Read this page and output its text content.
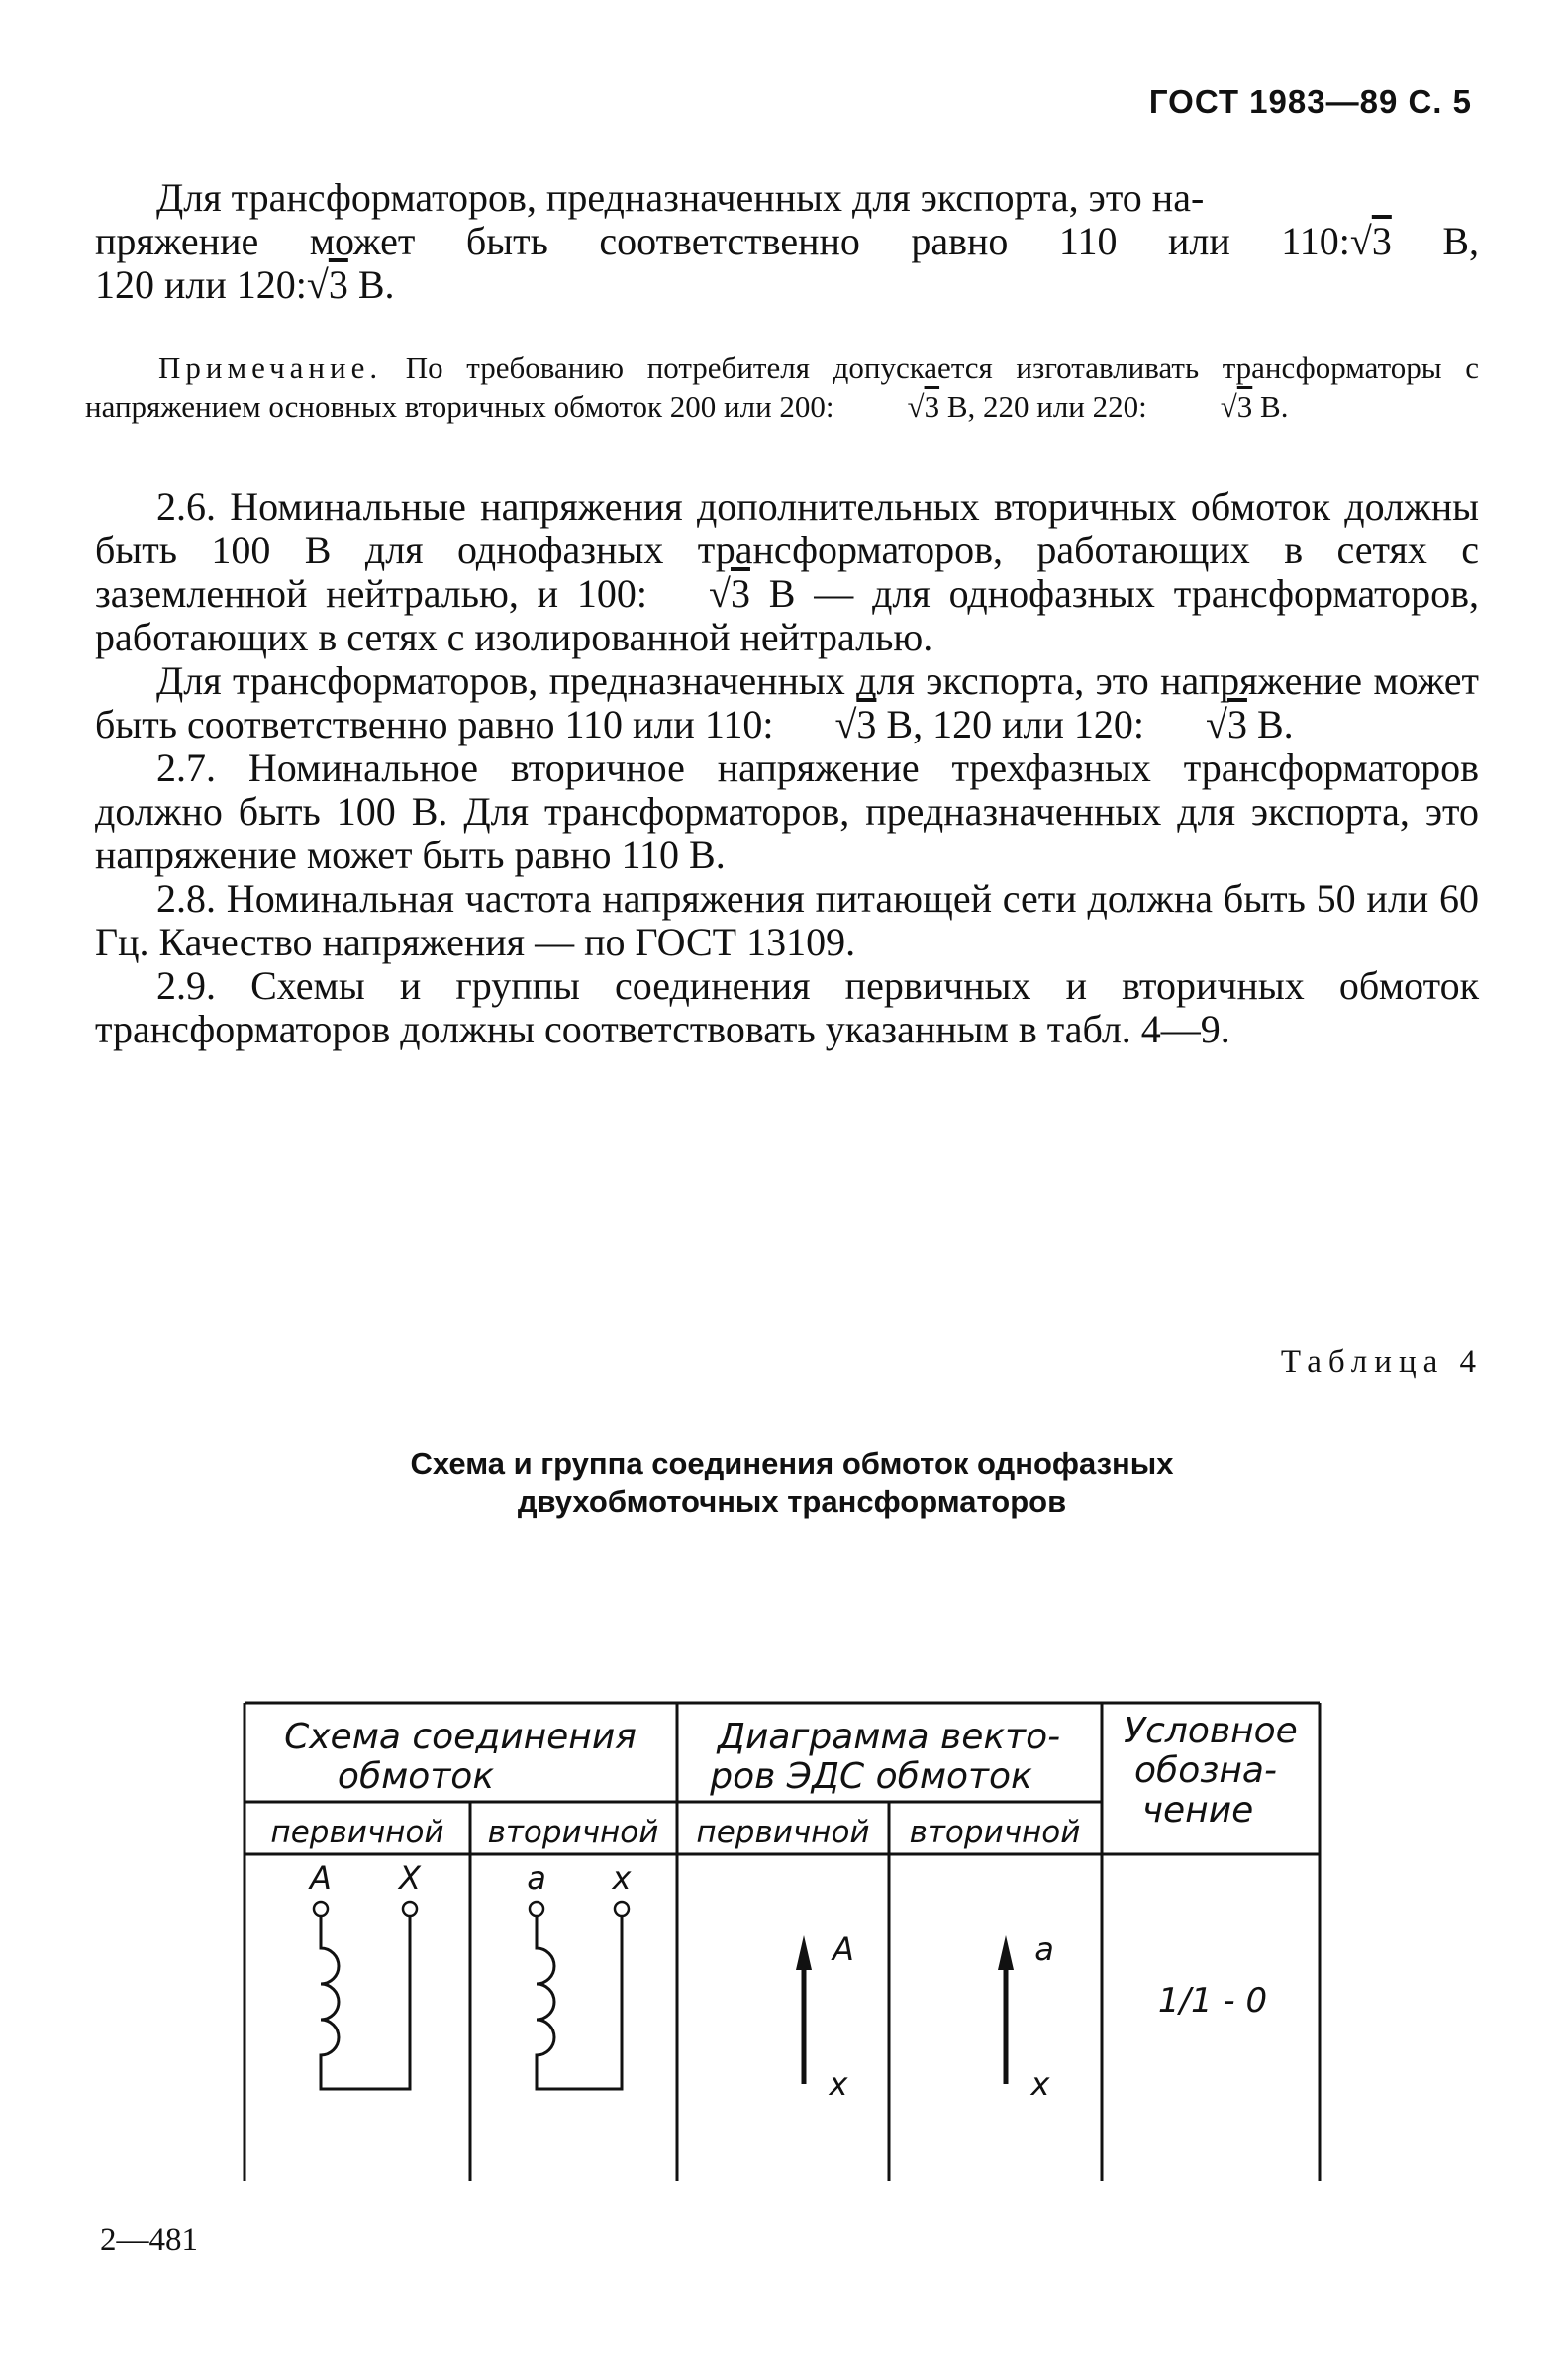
ГОСТ 1983—89 С. 5

Для трансформаторов, предназначенных для экспорта, это на-

пряжение может быть соответственно равно 110 или 110:√3 В,

120 или 120:√3 В.

Примечание. По требованию потребителя допускается изготавливать трансформаторы с напряжением основных вторичных обмоток 200 или 200: √3 В, 220 или 220: √3 В.

2.6. Номинальные напряжения дополнительных вторичных обмоток должны быть 100 В для однофазных трансформаторов, работающих в сетях с заземленной нейтралью, и 100: √3 В — для однофазных трансформаторов, работающих в сетях с изолированной нейтралью.

Для трансформаторов, предназначенных для экспорта, это напряжение может быть соответственно равно 110 или 110: √3 В, 120 или 120: √3 В.

2.7. Номинальное вторичное напряжение трехфазных трансформаторов должно быть 100 В. Для трансформаторов, предназначенных для экспорта, это напряжение может быть равно 110 В.

2.8. Номинальная частота напряжения питающей сети должна быть 50 или 60 Гц. Качество напряжения — по ГОСТ 13109.

2.9. Схемы и группы соединения первичных и вторичных обмоток трансформаторов должны соответствовать указанным в табл. 4—9.

Таблица 4
Схема и группа соединения обмоток однофазных
двухобмоточных трансформаторов
Схема соединения
обмоток
Диаграмма векто-
ров ЭДС обмоток
Условное
обозна-
чение
первичной вторичной первичной вторичной
A X	a x
A
x
a
x
1/1 - 0
2—481
